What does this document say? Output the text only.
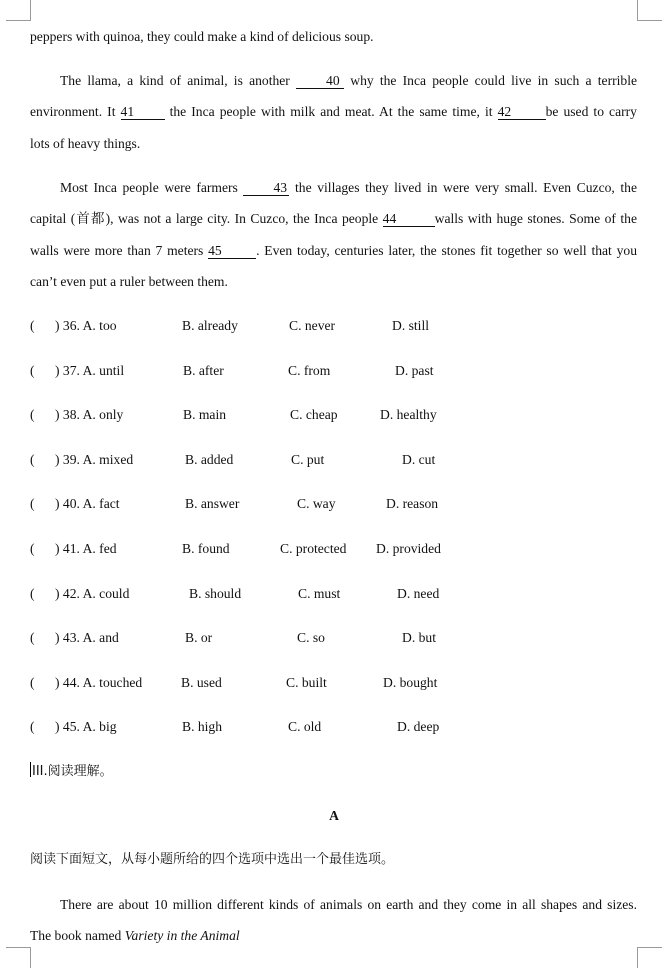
peppers with quinoa, they could make a kind of delicious soup.
The llama, a kind of animal, is another	40 why the Inca people could live in such a terrible
environment. It 41	the Inca people with milk and meat. At the same time, it 42	be used to carry
lots of heavy things.
Most Inca people were farmers	43 the villages they lived in were very small. Even Cuzco, the
capital (首都), was not a large city. In Cuzco, the Inca people 44	walls with huge stones. Some of the
walls were more than 7 meters 45	. Even today, centuries later, the stones fit together so well that you
can’t even put a ruler between them.
( ) 36. A. too	B. already	C. never	D. still
( ) 37. A. until	B. after	C. from	D. past
( ) 38. A. only	B. main	C. cheap	D. healthy
( ) 39. A. mixed	B. added	C. put	D. cut
( ) 40. A. fact	B. answer	C. way	D. reason
( ) 41. A. fed	B. found	C. protected D. provided
( ) 42. A. could	B. should	C. must	D. need
( ) 43. A. and	B. or	C. so	D. but
( ) 44. A. touched	B. used	C. built	D. bought
( ) 45. A. big	B. high	C. old	D. deep
III.阅读理解。
A
阅读下面短文，从每小题所给的四个选项中选出一个最佳选项。
There are about 10 million different kinds of animals on earth and they come in all shapes and sizes.
The book named Variety in the Animal
